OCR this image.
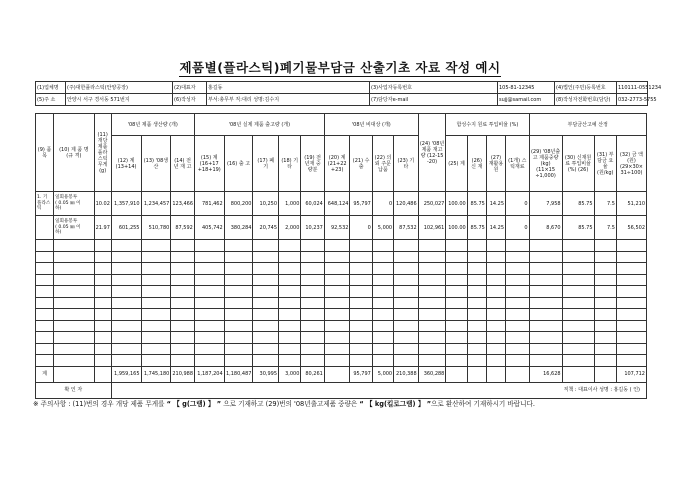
제품별(플라스틱)폐기물부담금 산출기초 자료 작성 예시
(1)업체명	(주)대한플라스틱(안양공장)	(2)대표자	홍길동	(3)사업자등록번호	105-81-12345	(4)법인(주민)등록번호	110111-0551234
(5)주 소	안양시 서구 경서동 571번지	(6)작성자	부서:총무부 직:대리 성명:김수지	(7)담당자e-mail	sujj@samail.com	(8)작성자전화번호(담당)	032-2773-5755
(9) 품 목	(10) 제 품 명 (규 격)	(11) 개당 제품 플라 스틱 무게 (g)	'08년 제품 생산량 (개)			'08년 실제 제품 출고량 (개)					'08년 비대상 (개)				(24) '08년 제품 재고량 (12-15 -20)	함성수지 원료 투입비율 (%)				부담금산고예 산정			
			(12) 계 (13+14)	(13) '08생산	(14) 전 년 재 고	(15) 계 (16+17 +18+19)	(16) 출 고	(17) 폐 기	(18) 기 타	(19) 전년재 중량분	(20) 계 (21+22 +23)	(21) 수 출	(22) 의뢰 주문 납품	(23) 기 타		(25) 계	(26) 신 재	(27) 재활용 원	(1개) 스틱재료	(29) '08년출고 제품중량 (kg) (11×15 ÷1,000)	(30) 신재원료 투입비율 (%) (26)	(31) 부담금 요 율 (원/kg)	(32) 금 액 (원) (29×30× 31÷100)
1. 기
플라스틱	일회용봉투
( 0.05 ㎜ 이
하)	10.02	1,357,910	1,234,457	123,466	781,462	800,200	10,250	1,000	60,024	648,124	95,797	0	120,486	250,027	100.00	85.75	14.25	0	7,958	85.75	7.5	51,210
	일회용봉투
( 0.05 ㎜ 이
하)	21.97	601,255	510,780	87,592	405,742	380,284	20,745	2,000	10,237	92,532	0	5,000	87,532	102,961	100.00	85.75	14.25	0	8,670	85.75	7.5	56,502

계			1,959,165	1,745,180	210,988	1,187,204	1,180,487	30,995	3,000	80,261		95,797	5,000	210,388	360,288					16,628			107,712
확 인 자			직책 : 대표이사 성명 : 홍길동 ( 인)																				
※ 주의사항 : (11)번의 경우 개당 제품 무게를 “ 【 g(그램) 】 ” 으로 기재하고 (29)번의 '08년출고제품 중량은 “ 【 kg(킬로그램) 】 ”으로 환산하여 기재하시기 바랍니다.
